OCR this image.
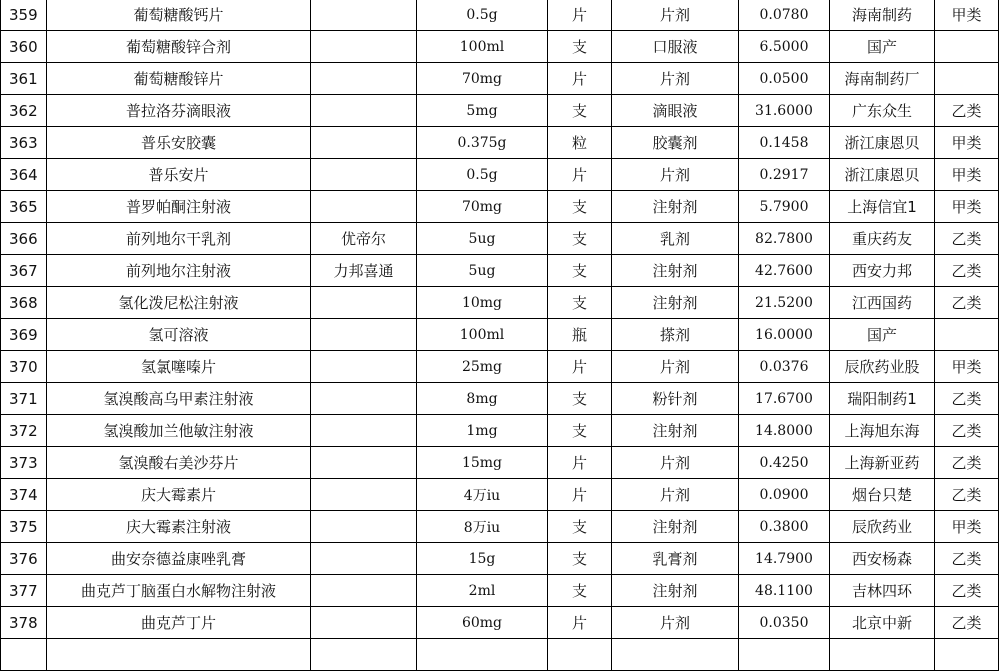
359	葡萄糖酸钙片		0.5g	片	片剂	0.0780	海南制药	甲类
360	葡萄糖酸锌合剂		100ml	支	口服液	6.5000	国产	
361	葡萄糖酸锌片		70mg	片	片剂	0.0500	海南制药厂	
362	普拉洛芬滴眼液		5mg	支	滴眼液	31.6000	广东众生	乙类
363	普乐安胶囊		0.375g	粒	胶囊剂	0.1458	浙江康恩贝	甲类
364	普乐安片		0.5g	片	片剂	0.2917	浙江康恩贝	甲类
365	普罗帕酮注射液		70mg	支	注射剂	5.7900	上海信宜1	甲类
366	前列地尔干乳剂	优帝尔	5ug	支	乳剂	82.7800	重庆药友	乙类
367	前列地尔注射液	力邦喜通	5ug	支	注射剂	42.7600	西安力邦	乙类
368	氢化泼尼松注射液		10mg	支	注射剂	21.5200	江西国药	乙类
369	氢可溶液		100ml	瓶	搽剂	16.0000	国产	
370	氢氯噻嗪片		25mg	片	片剂	0.0376	辰欣药业股	甲类
371	氢溴酸高乌甲素注射液		8mg	支	粉针剂	17.6700	瑞阳制药1	乙类
372	氢溴酸加兰他敏注射液		1mg	支	注射剂	14.8000	上海旭东海	乙类
373	氢溴酸右美沙芬片		15mg	片	片剂	0.4250	上海新亚药	乙类
374	庆大霉素片		4万iu	片	片剂	0.0900	烟台只楚	乙类
375	庆大霉素注射液		8万iu	支	注射剂	0.3800	辰欣药业	甲类
376	曲安奈德益康唑乳膏		15g	支	乳膏剂	14.7900	西安杨森	乙类
377	曲克芦丁脑蛋白水解物注射液		2ml	支	注射剂	48.1100	吉林四环	乙类
378	曲克芦丁片		60mg	片	片剂	0.0350	北京中新	乙类
